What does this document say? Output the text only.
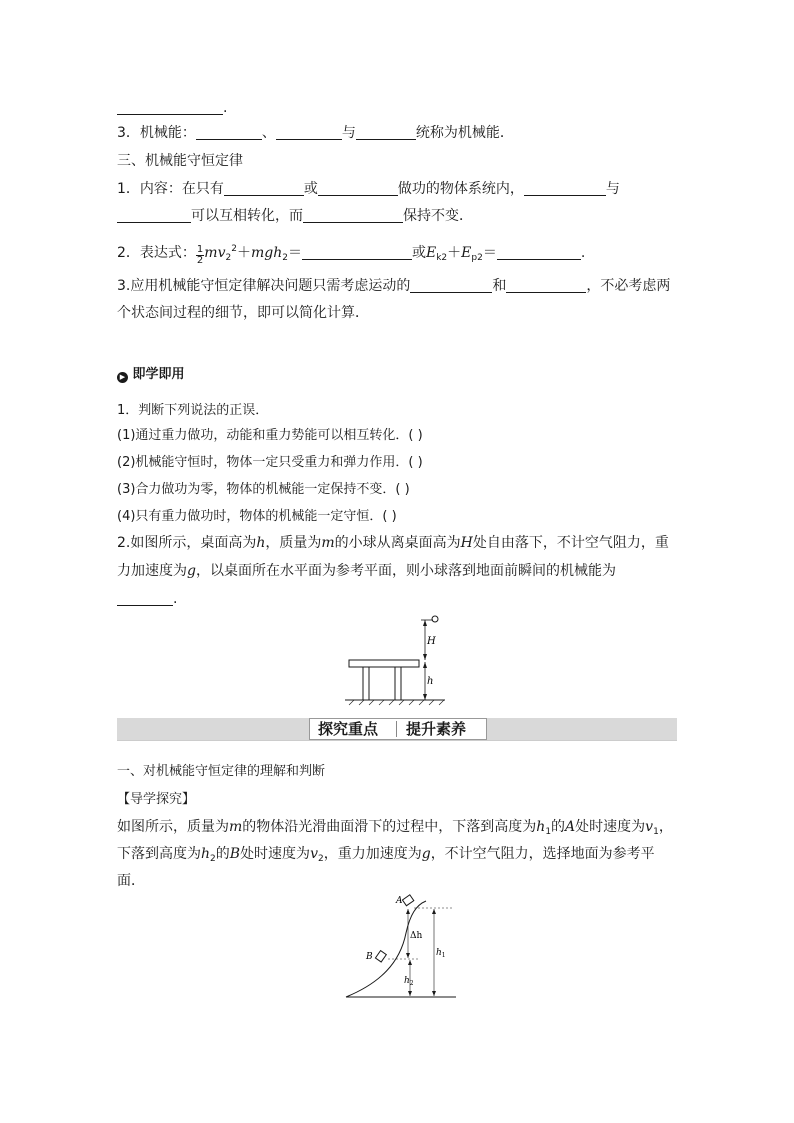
.
3．机械能：	、	与	统称为机械能．
三、机械能守恒定律
1．内容：在只有	或	做功的物体系统内，	与
可以互相转化，而	保持不变．
2．表达式： $\frac{1}{2} mv_2^2+mgh_2=$	或$E_{k2}+E_{p2}=$	.
3.应用机械能守恒定律解决问题只需考虑运动的	和	，不必考虑两
个状态间过程的细节，即可以简化计算．
▶ 即学即用
1．判断下列说法的正误．
(1)通过重力做功，动能和重力势能可以相互转化．( )
(2)机械能守恒时，物体一定只受重力和弹力作用．( )
(3)合力做功为零，物体的机械能一定保持不变．( )
(4)只有重力做功时，物体的机械能一定守恒．( )
2.如图所示，桌面高为h，质量为m的小球从离桌面高为H处自由落下，不计空气阻力，重
力加速度为g，以桌面所在水平面为参考平面，则小球落到地面前瞬间的机械能为
.
H
h
探究重点 提升素养
一、对机械能守恒定律的理解和判断
【导学探究】
如图所示，质量为m的物体沿光滑曲面滑下的过程中，下落到高度为$h_1$的A处时速度为$v_1$，
下落到高度为$h_2$的B处时速度为$v_2$，重力加速度为g，不计空气阻力，选择地面为参考平
面．
A
B
Δh
$h_2$
$h_1$
